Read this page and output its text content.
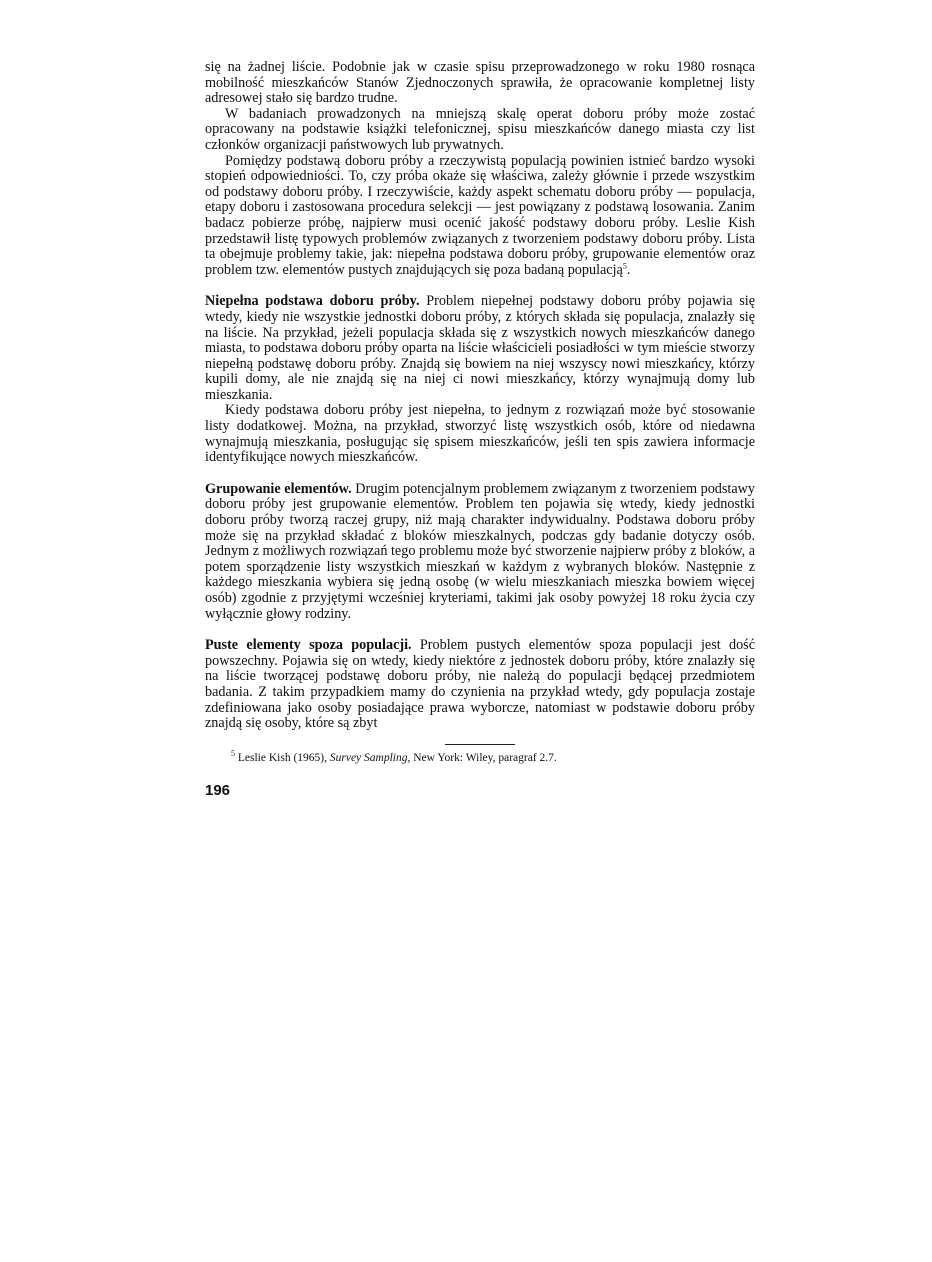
się na żadnej liście. Podobnie jak w czasie spisu przeprowadzonego w roku 1980 rosnąca mobilność mieszkańców Stanów Zjednoczonych sprawiła, że opracowanie kompletnej listy adresowej stało się bardzo trudne.

W badaniach prowadzonych na mniejszą skalę operat doboru próby może zostać opracowany na podstawie książki telefonicznej, spisu mieszkańców danego miasta czy list członków organizacji państwowych lub prywatnych.

Pomiędzy podstawą doboru próby a rzeczywistą populacją powinien istnieć bardzo wysoki stopień odpowiedniości. To, czy próba okaże się właściwa, zależy głównie i przede wszystkim od podstawy doboru próby. I rzeczywiście, każdy aspekt schematu doboru próby — populacja, etapy doboru i zastosowana procedura selekcji — jest powiązany z podstawą losowania. Zanim badacz pobierze próbę, najpierw musi ocenić jakość podstawy doboru próby. Leslie Kish przedstawił listę typowych problemów związanych z tworzeniem podstawy doboru próby. Lista ta obejmuje problemy takie, jak: niepełna podstawa doboru próby, grupowanie elementów oraz problem tzw. elementów pustych znajdujących się poza badaną populacją$^5$.

Niepełna podstawa doboru próby. Problem niepełnej podstawy doboru próby pojawia się wtedy, kiedy nie wszystkie jednostki doboru próby, z których składa się populacja, znalazły się na liście. Na przykład, jeżeli populacja składa się z wszystkich nowych mieszkańców danego miasta, to podstawa doboru próby oparta na liście właścicieli posiadłości w tym mieście stworzy niepełną podstawę doboru próby. Znajdą się bowiem na niej wszyscy nowi mieszkańcy, którzy kupili domy, ale nie znajdą się na niej ci nowi mieszkańcy, którzy wynajmują domy lub mieszkania.

Kiedy podstawa doboru próby jest niepełna, to jednym z rozwiązań może być stosowanie listy dodatkowej. Można, na przykład, stworzyć listę wszystkich osób, które od niedawna wynajmują mieszkania, posługując się spisem mieszkańców, jeśli ten spis zawiera informacje identyfikujące nowych mieszkańców.

Grupowanie elementów. Drugim potencjalnym problemem związanym z tworzeniem podstawy doboru próby jest grupowanie elementów. Problem ten pojawia się wtedy, kiedy jednostki doboru próby tworzą raczej grupy, niż mają charakter indywidualny. Podstawa doboru próby może się na przykład składać z bloków mieszkalnych, podczas gdy badanie dotyczy osób. Jednym z możliwych rozwiązań tego problemu może być stworzenie najpierw próby z bloków, a potem sporządzenie listy wszystkich mieszkań w każdym z wybranych bloków. Następnie z każdego mieszkania wybiera się jedną osobę (w wielu mieszkaniach mieszka bowiem więcej osób) zgodnie z przyjętymi wcześniej kryteriami, takimi jak osoby powyżej 18 roku życia czy wyłącznie głowy rodziny.

Puste elementy spoza populacji. Problem pustych elementów spoza populacji jest dość powszechny. Pojawia się on wtedy, kiedy niektóre z jednostek doboru próby, które znalazły się na liście tworzącej podstawę doboru próby, nie należą do populacji będącej przedmiotem badania. Z takim przypadkiem mamy do czynienia na przykład wtedy, gdy populacja zostaje zdefiniowana jako osoby posiadające prawa wyborcze, natomiast w podstawie doboru próby znajdą się osoby, które są zbyt

$^5$ Leslie Kish (1965), Survey Sampling, New York: Wiley, paragraf 2.7.

196
